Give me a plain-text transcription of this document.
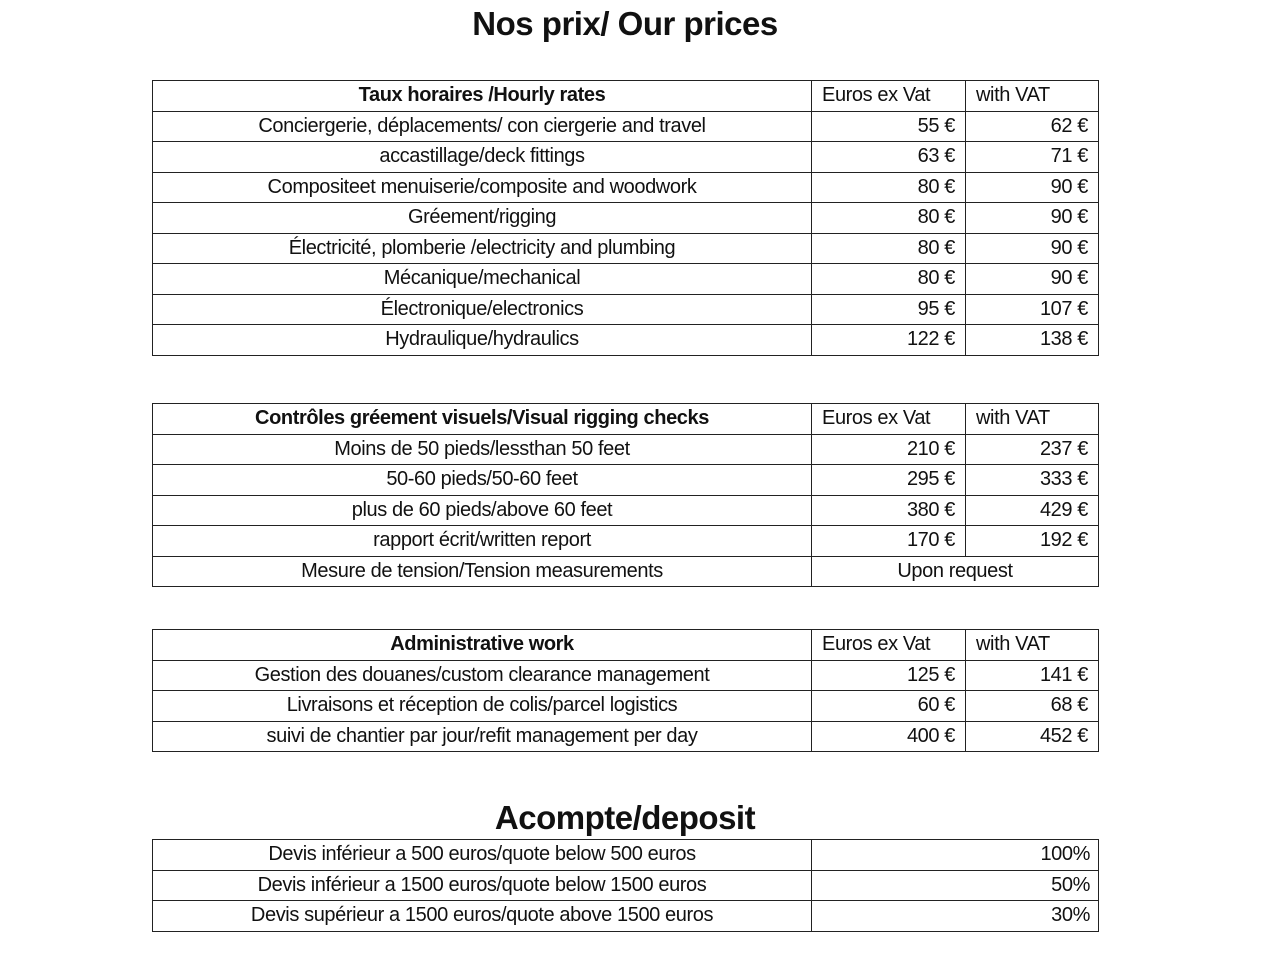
Nos prix/ Our prices
Taux horaires /Hourly rates	Euros ex Vat	with VAT
Conciergerie, déplacements/ con ciergerie and travel	55 €	62 €
accastillage/deck fittings	63 €	71 €
Compositeet menuiserie/composite and woodwork	80 €	90 €
Gréement/rigging	80 €	90 €
Électricité, plomberie /electricity and plumbing	80 €	90 €
Mécanique/mechanical	80 €	90 €
Électronique/electronics	95 €	107 €
Hydraulique/hydraulics	122 €	138 €
Contrôles gréement visuels/Visual rigging checks	Euros ex Vat	with VAT
Moins de 50 pieds/lessthan 50 feet	210 €	237 €
50-60 pieds/50-60 feet	295 €	333 €
plus de 60 pieds/above 60 feet	380 €	429 €
rapport écrit/written report	170 €	192 €
Mesure de tension/Tension measurements	Upon request	
Administrative work	Euros ex Vat	with VAT
Gestion des douanes/custom clearance management	125 €	141 €
Livraisons et réception de colis/parcel logistics	60 €	68 €
suivi de chantier par jour/refit management per day	400 €	452 €
Acompte/deposit
Devis inférieur a 500 euros/quote below 500 euros	100%
Devis inférieur a 1500 euros/quote below 1500 euros	50%
Devis supérieur a 1500 euros/quote above 1500 euros	30%
